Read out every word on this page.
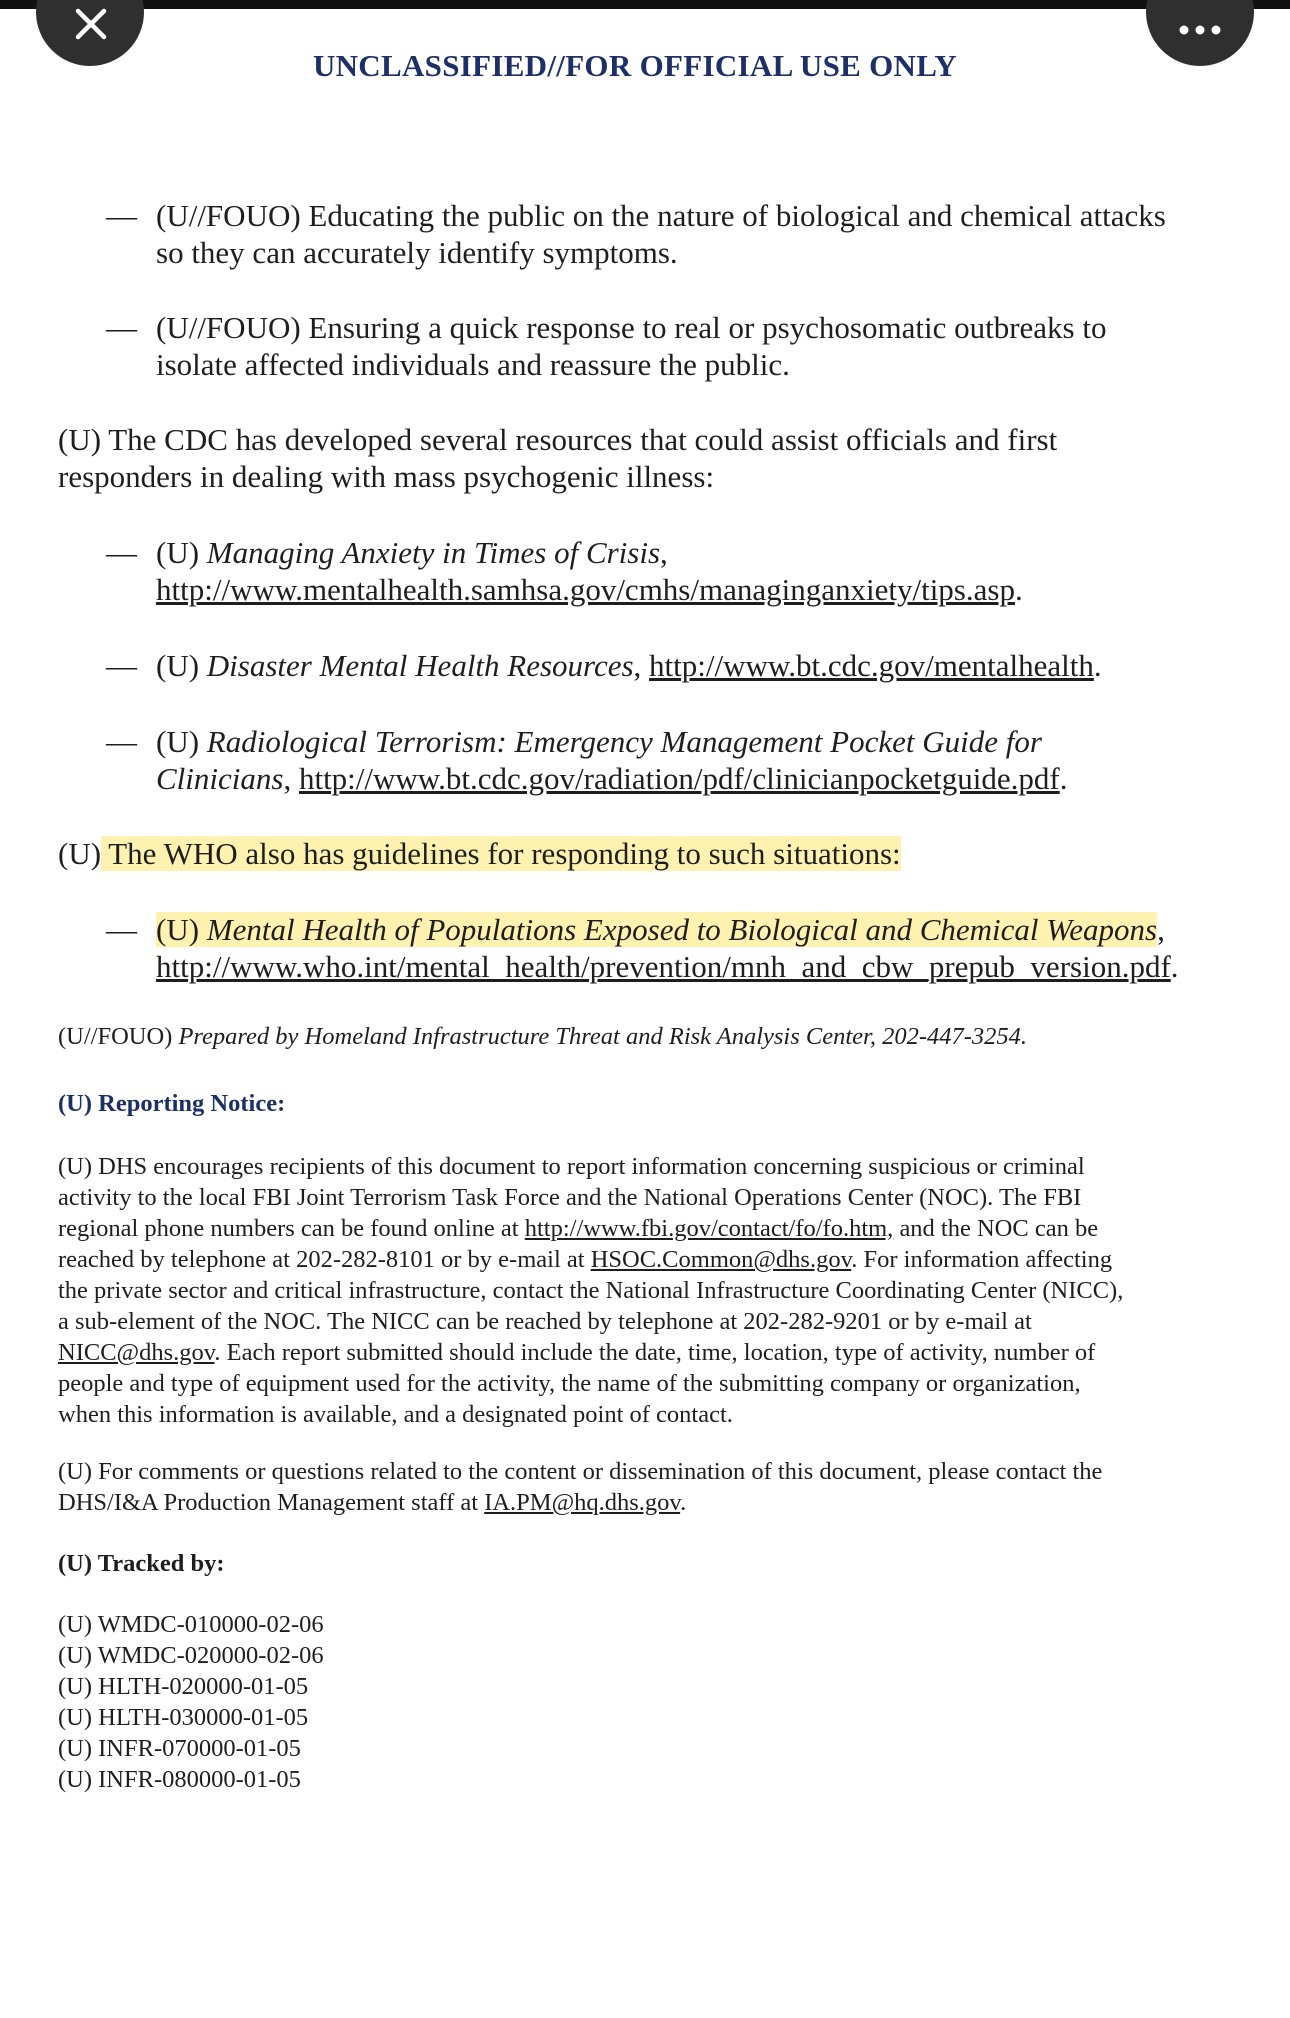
UNCLASSIFIED//FOR OFFICIAL USE ONLY
— (U//FOUO) Educating the public on the nature of biological and chemical attacks
so they can accurately identify symptoms.
— (U//FOUO) Ensuring a quick response to real or psychosomatic outbreaks to
isolate affected individuals and reassure the public.
(U) The CDC has developed several resources that could assist officials and first
responders in dealing with mass psychogenic illness:
— (U) Managing Anxiety in Times of Crisis,
http://www.mentalhealth.samhsa.gov/cmhs/managinganxiety/tips.asp.
— (U) Disaster Mental Health Resources, http://www.bt.cdc.gov/mentalhealth.
— (U) Radiological Terrorism: Emergency Management Pocket Guide for
Clinicians, http://www.bt.cdc.gov/radiation/pdf/clinicianpocketguide.pdf.
(U) The WHO also has guidelines for responding to such situations:
— (U) Mental Health of Populations Exposed to Biological and Chemical Weapons,
http://www.who.int/mental_health/prevention/mnh_and_cbw_prepub_version.pdf.
(U//FOUO) Prepared by Homeland Infrastructure Threat and Risk Analysis Center, 202-447-3254.
(U) Reporting Notice:
(U) DHS encourages recipients of this document to report information concerning suspicious or criminal
activity to the local FBI Joint Terrorism Task Force and the National Operations Center (NOC). The FBI
regional phone numbers can be found online at http://www.fbi.gov/contact/fo/fo.htm, and the NOC can be
reached by telephone at 202-282-8101 or by e-mail at HSOC.Common@dhs.gov. For information affecting
the private sector and critical infrastructure, contact the National Infrastructure Coordinating Center (NICC),
a sub-element of the NOC. The NICC can be reached by telephone at 202-282-9201 or by e-mail at
NICC@dhs.gov. Each report submitted should include the date, time, location, type of activity, number of
people and type of equipment used for the activity, the name of the submitting company or organization,
when this information is available, and a designated point of contact.
(U) For comments or questions related to the content or dissemination of this document, please contact the
DHS/I&A Production Management staff at IA.PM@hq.dhs.gov.
(U) Tracked by:
(U) WMDC-010000-02-06
(U) WMDC-020000-02-06
(U) HLTH-020000-01-05
(U) HLTH-030000-01-05
(U) INFR-070000-01-05
(U) INFR-080000-01-05
